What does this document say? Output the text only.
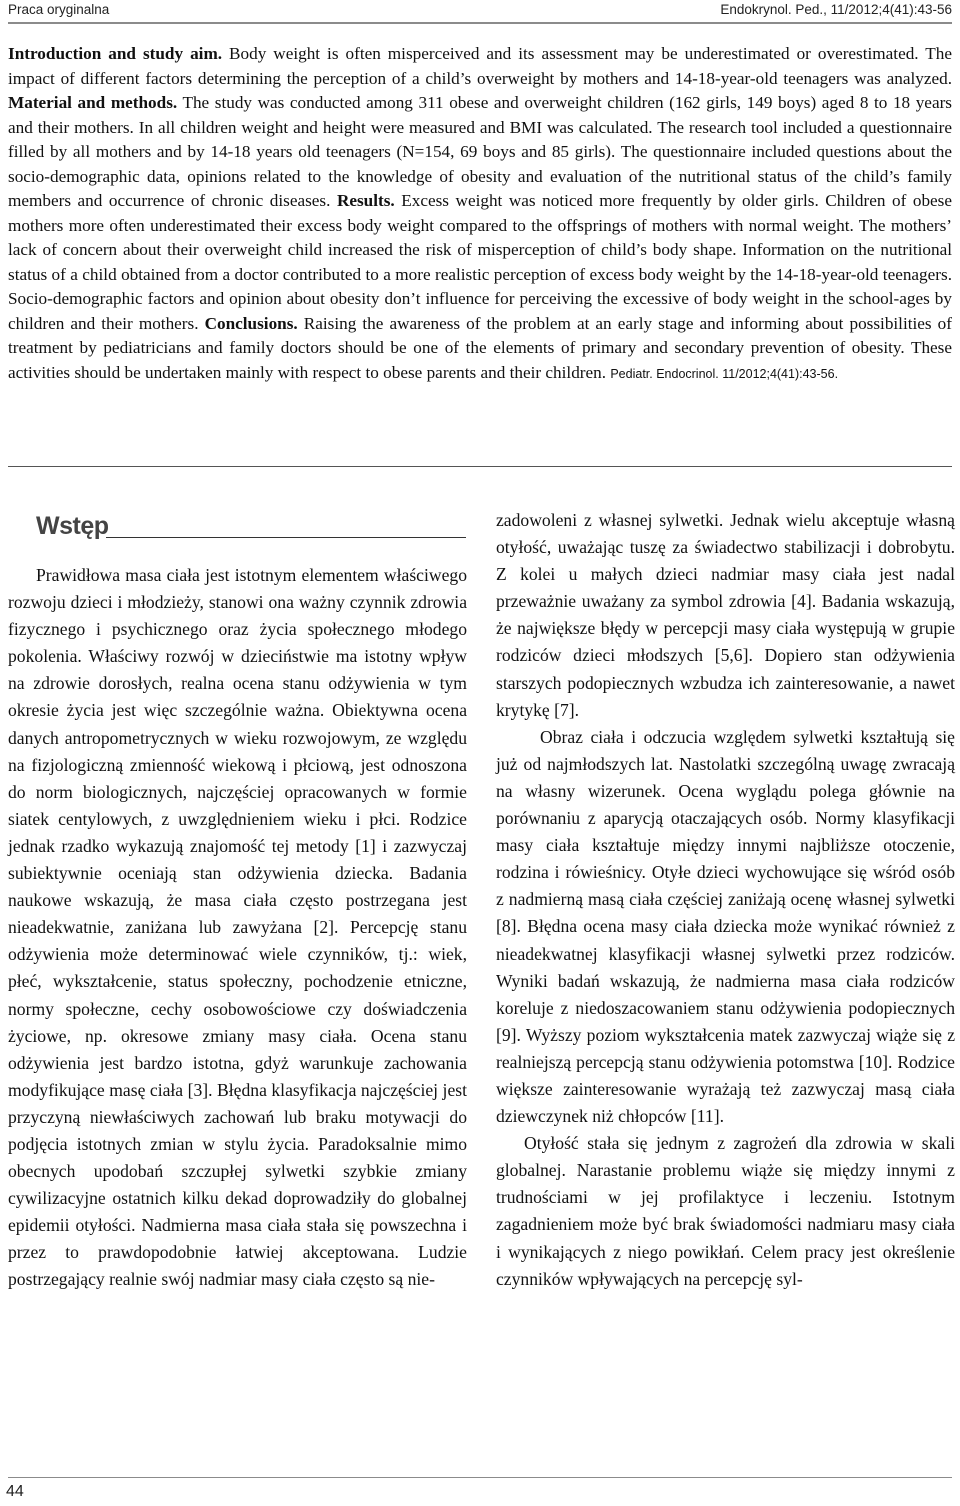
Praca oryginalna	Endokrynol. Ped., 11/2012;4(41):43-56

Introduction and study aim. Body weight is often misperceived and its assessment may be underestimated or overestimated. The impact of different factors determining the perception of a child’s overweight by mothers and 14-18-year-old teenagers was analyzed. Material and methods. The study was conducted among 311 obese and overweight children (162 girls, 149 boys) aged 8 to 18 years and their mothers. In all children weight and height were measured and BMI was calculated. The research tool included a questionnaire filled by all mothers and by 14-18 years old teenagers (N=154, 69 boys and 85 girls). The questionnaire included questions about the socio-demographic data, opinions related to the knowledge of obesity and evaluation of the nutritional status of the child’s family members and occurrence of chronic diseases. Results. Excess weight was noticed more frequently by older girls. Children of obese mothers more often underestimated their excess body weight compared to the offsprings of mothers with normal weight. The mothers’ lack of concern about their overweight child increased the risk of misperception of child’s body shape. Information on the nutritional status of a child obtained from a doctor contributed to a more realistic perception of excess body weight by the 14-18-year-old teenagers. Socio-demographic factors and opinion about obesity don’t influence for perceiving the excessive of body weight in the school-ages by children and their mothers. Conclusions. Raising the awareness of the problem at an early stage and informing about possibilities of treatment by pediatricians and family doctors should be one of the elements of primary and secondary prevention of obesity. These activities should be undertaken mainly with respect to obese parents and their children. Pediatr. Endocrinol. 11/2012;4(41):43-56.

Wstęp

Prawidłowa masa ciała jest istotnym elementem właściwego rozwoju dzieci i młodzieży, stanowi ona ważny czynnik zdrowia fizycznego i psychicznego oraz życia społecznego młodego pokolenia. Właściwy rozwój w dzieciństwie ma istotny wpływ na zdrowie dorosłych, realna ocena stanu odżywienia w tym okresie życia jest więc szczególnie ważna. Obiektywna ocena danych antropometrycznych w wieku rozwojowym, ze względu na fizjologiczną zmienność wiekową i płciową, jest odnoszona do norm biologicznych, najczęściej opracowanych w formie siatek centylowych, z uwzględnieniem wieku i płci. Rodzice jednak rzadko wykazują znajomość tej metody [1] i zazwyczaj subiektywnie oceniają stan odżywienia dziecka. Badania naukowe wskazują, że masa ciała często postrzegana jest nieadekwatnie, zaniżana lub zawyżana [2]. Percepcję stanu odżywienia może determinować wiele czynników, tj.: wiek, płeć, wykształcenie, status społeczny, pochodzenie etniczne, normy społeczne, cechy osobowościowe czy doświadczenia życiowe, np. okresowe zmiany masy ciała. Ocena stanu odżywienia jest bardzo istotna, gdyż warunkuje zachowania modyfikujące masę ciała [3]. Błędna klasyfikacja najczęściej jest przyczyną niewłaściwych zachowań lub braku motywacji do podjęcia istotnych zmian w stylu życia. Paradoksalnie mimo obecnych upodobań szczupłej sylwetki szybkie zmiany cywilizacyjne ostatnich kilku dekad doprowadziły do globalnej epidemii otyłości. Nadmierna masa ciała stała się powszechna i przez to prawdopodobnie łatwiej akceptowana. Ludzie postrzegający realnie swój nadmiar masy ciała często są nie-

zadowoleni z własnej sylwetki. Jednak wielu akceptuje własną otyłość, uważając tuszę za świadectwo stabilizacji i dobrobytu. Z kolei u małych dzieci nadmiar masy ciała jest nadal przeważnie uważany za symbol zdrowia [4]. Badania wskazują, że największe błędy w percepcji masy ciała występują w grupie rodziców dzieci młodszych [5,6]. Dopiero stan odżywienia starszych podopiecznych wzbudza ich zainteresowanie, a nawet krytykę [7].

Obraz ciała i odczucia względem sylwetki kształtują się już od najmłodszych lat. Nastolatki szczególną uwagę zwracają na własny wizerunek. Ocena wyglądu polega głównie na porównaniu z aparycją otaczających osób. Normy klasyfikacji masy ciała kształtuje między innymi najbliższe otoczenie, rodzina i rówieśnicy. Otyłe dzieci wychowujące się wśród osób z nadmierną masą ciała częściej zaniżają ocenę własnej sylwetki [8]. Błędna ocena masy ciała dziecka może wynikać również z nieadekwatnej klasyfikacji własnej sylwetki przez rodziców. Wyniki badań wskazują, że nadmierna masa ciała rodziców koreluje z niedoszacowaniem stanu odżywienia podopiecznych [9]. Wyższy poziom wykształcenia matek zazwyczaj wiąże się z realniejszą percepcją stanu odżywienia potomstwa [10]. Rodzice większe zainteresowanie wyrażają też zazwyczaj masą ciała dziewczynek niż chłopców [11].

Otyłość stała się jednym z zagrożeń dla zdrowia w skali globalnej. Narastanie problemu wiąże się między innymi z trudnościami w jej profilaktyce i leczeniu. Istotnym zagadnieniem może być brak świadomości nadmiaru masy ciała i wynikających z niego powikłań. Celem pracy jest określenie czynników wpływających na percepcję syl-

44
